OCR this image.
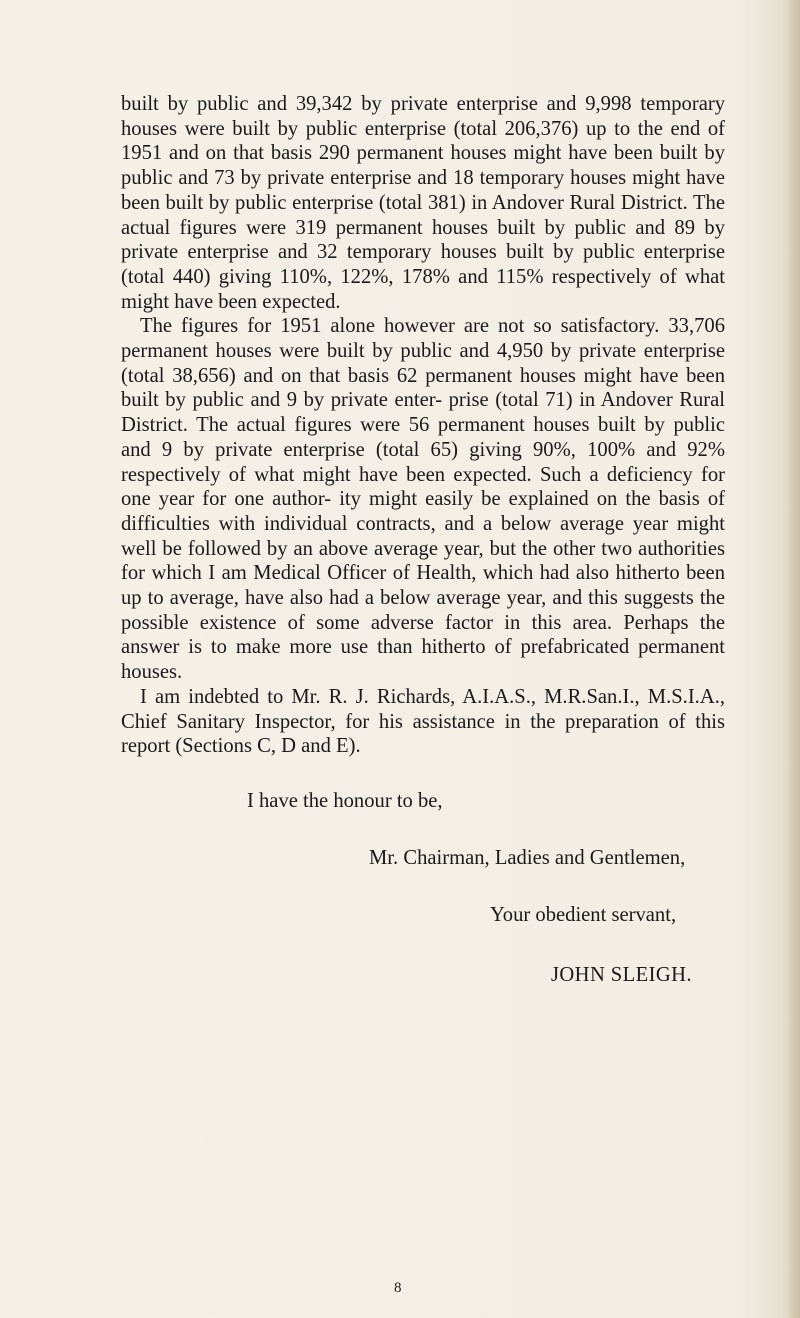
built by public and 39,342 by private enterprise and 9,998 temporary houses were built by public enterprise (total 206,376) up to the end of 1951 and on that basis 290 permanent houses might have been built by public and 73 by private enterprise and 18 temporary houses might have been built by public enterprise (total 381) in Andover Rural District. The actual figures were 319 permanent houses built by public and 89 by private enterprise and 32 temporary houses built by public enterprise (total 440) giving 110%, 122%, 178% and 115% respectively of what might have been expected.

The figures for 1951 alone however are not so satisfactory. 33,706 permanent houses were built by public and 4,950 by private enterprise (total 38,656) and on that basis 62 permanent houses might have been built by public and 9 by private enter- prise (total 71) in Andover Rural District. The actual figures were 56 permanent houses built by public and 9 by private enterprise (total 65) giving 90%, 100% and 92% respectively of what might have been expected. Such a deficiency for one year for one author- ity might easily be explained on the basis of difficulties with individual contracts, and a below average year might well be followed by an above average year, but the other two authorities for which I am Medical Officer of Health, which had also hitherto been up to average, have also had a below average year, and this suggests the possible existence of some adverse factor in this area. Perhaps the answer is to make more use than hitherto of prefabricated permanent houses.

I am indebted to Mr. R. J. Richards, A.I.A.S., M.R.San.I., M.S.I.A., Chief Sanitary Inspector, for his assistance in the preparation of this report (Sections C, D and E).

I have the honour to be,
Mr. Chairman, Ladies and Gentlemen,
Your obedient servant,
JOHN SLEIGH.
8
